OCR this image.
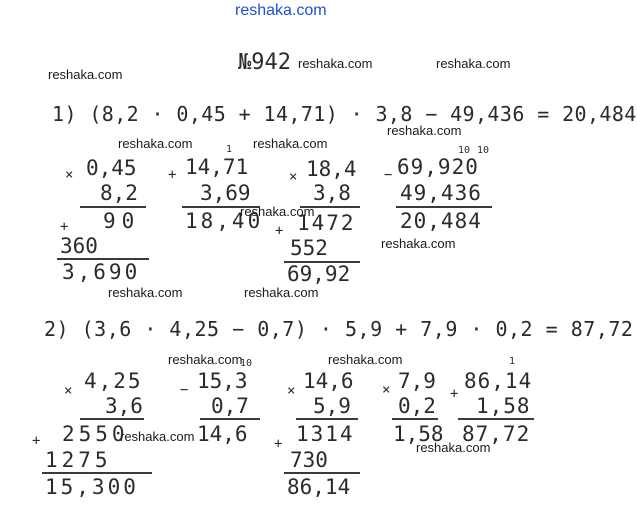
reshaka.com
reshaka.com
reshaka.com	reshaka.com
reshaka.com	reshaka.com
reshaka.com
reshaka.com
reshaka.com
reshaka.com	reshaka.com
reshaka.com	reshaka.com
reshaka.com
reshaka.com
№942
1) (8,2 · 0,45 + 14,71) · 3,8 − 49,436 = 20,484
× 0,45
8,2
+ 90
360
3,690
+ 14,71
3,69
18,40
1
× 18,4
3,8
+ 1472
552
69,92
−
10 10
69,920
49,436
20,484
2) (3,6 · 4,25 − 0,7) · 5,9 + 7,9 · 0,2 = 87,72
× 4,25
3,6
+ 2550
1275
15,300
−
10
15,3
0,7
14,6
× 14,6
5,9
+ 1314
730
86,14
× 7,9
0,2
1,58
+
1
86,14
1,58
87,72
